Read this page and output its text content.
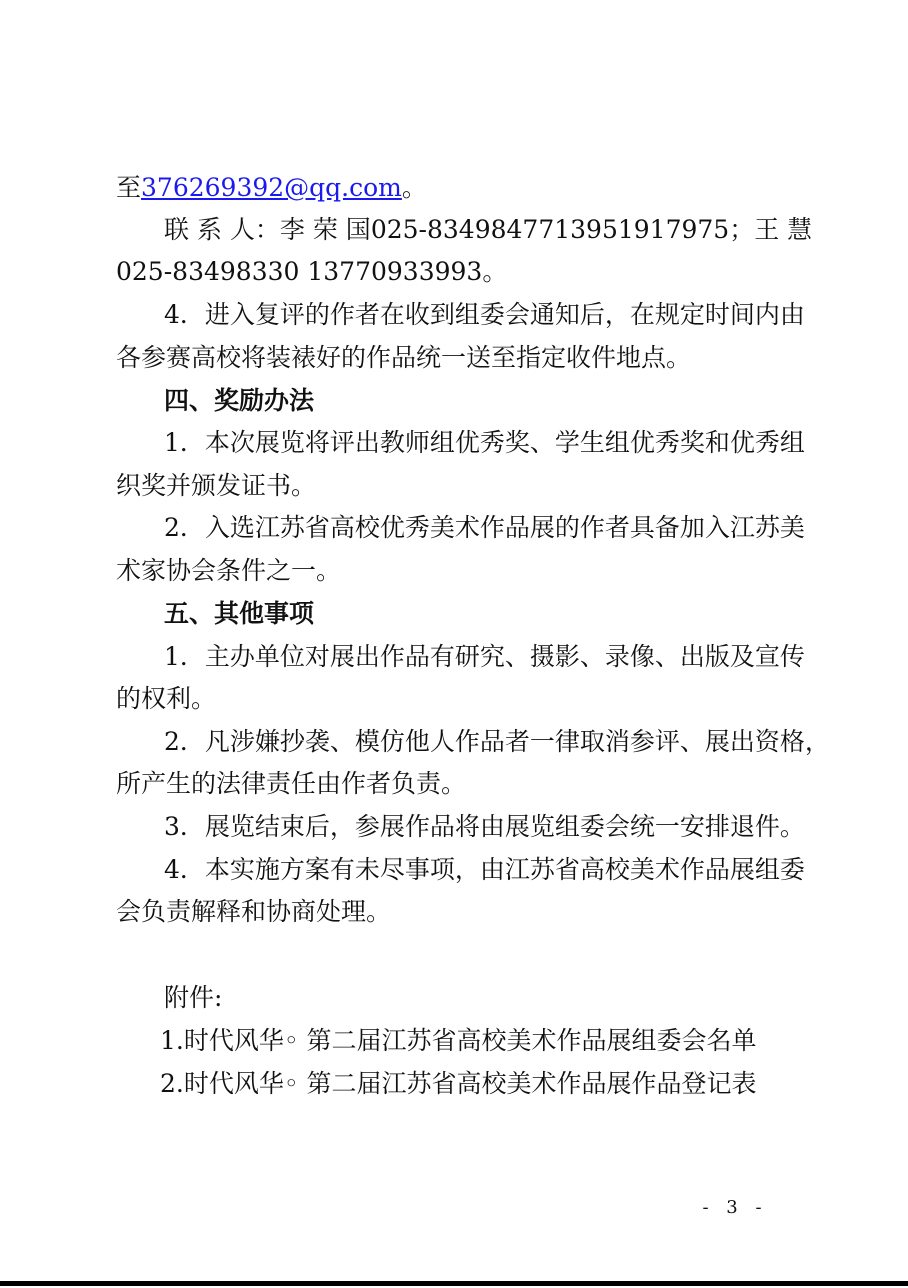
至376269392@qq.com。

联 系 人： 李 荣 国 025-83498477 13951917975； 王 慧

025-83498330 13770933993。

4．进入复评的作者在收到组委会通知后，在规定时间内由

各参赛高校将装裱好的作品统一送至指定收件地点。

四、奖励办法

1．本次展览将评出教师组优秀奖、学生组优秀奖和优秀组

织奖并颁发证书。

2．入选江苏省高校优秀美术作品展的作者具备加入江苏美

术家协会条件之一。

五、其他事项

1．主办单位对展出作品有研究、摄影、录像、出版及宣传

的权利。

2．凡涉嫌抄袭、模仿他人作品者一律取消参评、展出资格，

所产生的法律责任由作者负责。

3．展览结束后，参展作品将由展览组委会统一安排退件。

4．本实施方案有未尽事项，由江苏省高校美术作品展组委

会负责解释和协商处理。

附件:

1.时代风华◦ 第二届江苏省高校美术作品展组委会名单

2.时代风华◦ 第二届江苏省高校美术作品展作品登记表

- 3 -
